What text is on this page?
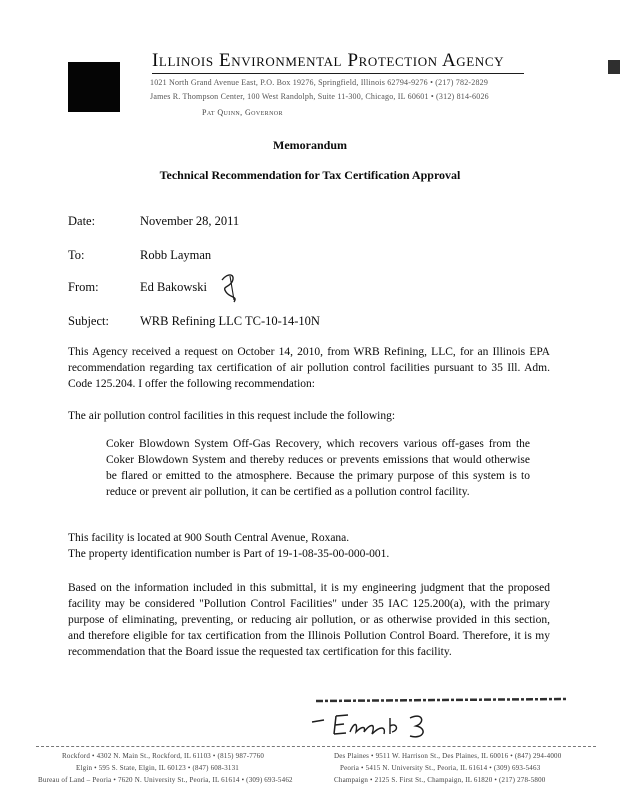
Illinois Environmental Protection Agency
1021 North Grand Avenue East, P.O. Box 19276, Springfield, Illinois 62794-9276 • (217) 782-2829
James R. Thompson Center, 100 West Randolph, Suite 11-300, Chicago, IL 60601 • (312) 814-6026
Pat Quinn, Governor
Memorandum
Technical Recommendation for Tax Certification Approval
Date:	November 28, 2011
To:	Robb Layman
From:	Ed Bakowski
Subject: WRB Refining LLC TC-10-14-10N
This Agency received a request on October 14, 2010, from WRB Refining, LLC, for an Illinois EPA recommendation regarding tax certification of air pollution control facilities pursuant to 35 Ill. Adm. Code 125.204. I offer the following recommendation:
The air pollution control facilities in this request include the following:
Coker Blowdown System Off-Gas Recovery, which recovers various off-gases from the Coker Blowdown System and thereby reduces or prevents emissions that would otherwise be flared or emitted to the atmosphere. Because the primary purpose of this system is to reduce or prevent air pollution, it can be certified as a pollution control facility.
This facility is located at 900 South Central Avenue, Roxana.
The property identification number is Part of 19-1-08-35-00-000-001.
Based on the information included in this submittal, it is my engineering judgment that the proposed facility may be considered "Pollution Control Facilities" under 35 IAC 125.200(a), with the primary purpose of eliminating, preventing, or reducing air pollution, or as otherwise provided in this section, and therefore eligible for tax certification from the Illinois Pollution Control Board. Therefore, it is my recommendation that the Board issue the requested tax certification for this facility.
Rockford • 4302 N. Main St., Rockford, IL 61103 • (815) 987-7760
Elgin • 595 S. State, Elgin, IL 60123 • (847) 608-3131
Bureau of Land – Peoria • 7620 N. University St., Peoria, IL 61614 • (309) 693-5462
Des Plaines • 9511 W. Harrison St., Des Plaines, IL 60016 • (847) 294-4000
Peoria • 5415 N. University St., Peoria, IL 61614 • (309) 693-5463
Champaign • 2125 S. First St., Champaign, IL 61820 • (217) 278-5800
